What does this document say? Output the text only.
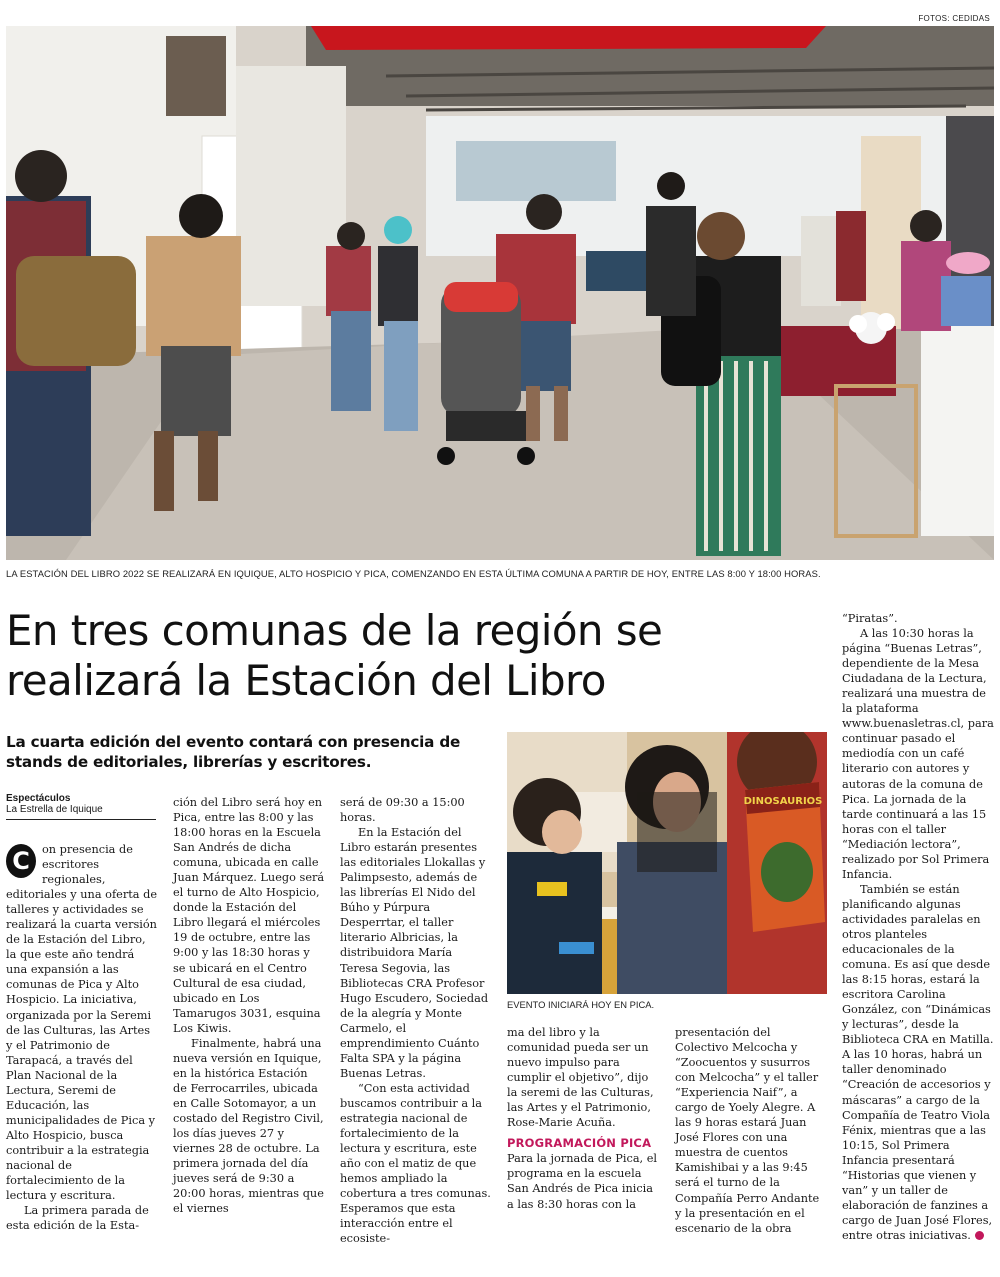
FOTOS: CEDIDAS
LA ESTACIÓN DEL LIBRO 2022 SE REALIZARÁ EN IQUIQUE, ALTO HOSPICIO Y PICA, COMENZANDO EN ESTA ÚLTIMA COMUNA A PARTIR DE HOY, ENTRE LAS 8:00 Y 18:00 HORAS.
En tres comunas de la región se realizará la Estación del Libro
La cuarta edición del evento contará con presencia de stands de editoriales, librerías y escritores.
Espectáculos
La Estrella de Iquique

C	on presencia de escritores regionales, editoriales y una oferta de talleres y actividades se realizará la cuarta versión de la Estación del Libro, la que este año tendrá una expansión a las comunas de Pica y Alto Hospicio. La iniciativa, organizada por la Seremi de las Culturas, las Artes y el Patrimonio de Tarapacá, a través del Plan Nacional de la Lectura, Seremi de Educación, las municipalidades de Pica y Alto Hospicio, busca contribuir a la estrategia nacional de fortalecimiento de la lectura y escritura.

La primera parada de esta edición de la Esta-

ción del Libro será hoy en Pica, entre las 8:00 y las 18:00 horas en la Escuela San Andrés de dicha comuna, ubicada en calle Juan Márquez. Luego será el turno de Alto Hospicio, donde la Estación del Libro llegará el miércoles 19 de octubre, entre las 9:00 y las 18:30 horas y se ubicará en el Centro Cultural de esa ciudad, ubicado en Los Tamarugos 3031, esquina Los Kiwis.

Finalmente, habrá una nueva versión en Iquique, en la histórica Estación de Ferrocarriles, ubicada en Calle Sotomayor, a un costado del Registro Civil, los días jueves 27 y viernes 28 de octubre. La primera jornada del día jueves será de 9:30 a 20:00 horas, mientras que el viernes

será de 09:30 a 15:00 horas.

En la Estación del Libro estarán presentes las editoriales Llokallas y Palimpsesto, además de las librerías El Nido del Búho y Púrpura Desperrtar, el taller literario Albricias, la distribuidora María Teresa Segovia, las Bibliotecas CRA Profesor Hugo Escudero, Sociedad de la alegría y Monte Carmelo, el emprendimiento Cuánto Falta SPA y la página Buenas Letras.

“Con esta actividad buscamos contribuir a la estrategia nacional de fortalecimiento de la lectura y escritura, este año con el matiz de que hemos ampliado la cobertura a tres comunas. Esperamos que esta interacción entre el ecosiste-

DINOSAURIOS
EVENTO INICIARÁ HOY EN PICA.

ma del libro y la comunidad pueda ser un nuevo impulso para cumplir el objetivo”, dijo la seremi de las Culturas, las Artes y el Patrimonio, Rose-Marie Acuña.

PROGRAMACIÓN PICA

Para la jornada de Pica, el programa en la escuela San Andrés de Pica inicia a las 8:30 horas con la

presentación del Colectivo Melcocha y “Zoocuentos y susurros con Melcocha” y el taller “Experiencia Naif”, a cargo de Yoely Alegre. A las 9 horas estará Juan José Flores con una muestra de cuentos Kamishibai y a las 9:45 será el turno de la Compañía Perro Andante y la presentación en el escenario de la obra

“Piratas”.

A las 10:30 horas la página “Buenas Letras”, dependiente de la Mesa Ciudadana de la Lectura, realizará una muestra de la plataforma www.buenasletras.cl, para continuar pasado el mediodía con un café literario con autores y autoras de la comuna de Pica. La jornada de la tarde continuará a las 15 horas con el taller “Mediación lectora”, realizado por Sol Primera Infancia.

También se están planificando algunas actividades paralelas en otros planteles educacionales de la comuna. Es así que desde las 8:15 horas, estará la escritora Carolina González, con “Dinámicas y lecturas”, desde la Biblioteca CRA en Matilla. A las 10 horas, habrá un taller denominado “Creación de accesorios y máscaras” a cargo de la Compañía de Teatro Viola Fénix, mientras que a las 10:15, Sol Primera Infancia presentará “Historias que vienen y van” y un taller de elaboración de fanzines a cargo de Juan José Flores, entre otras iniciativas.✦
